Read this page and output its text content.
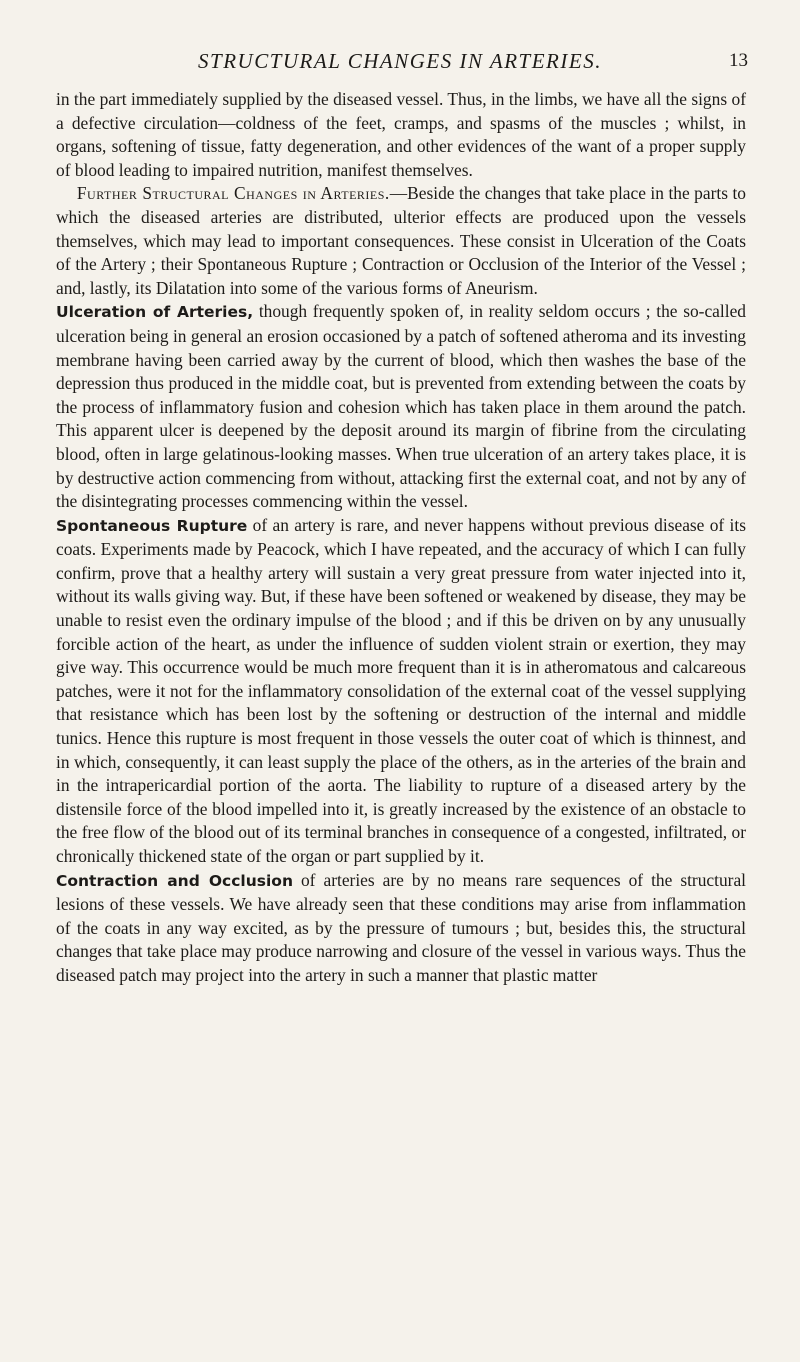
STRUCTURAL CHANGES IN ARTERIES.	13

in the part immediately supplied by the diseased vessel. Thus, in the limbs, we have all the signs of a defective circulation—coldness of the feet, cramps, and spasms of the muscles ; whilst, in organs, softening of tissue, fatty degeneration, and other evidences of the want of a proper supply of blood leading to impaired nutrition, manifest themselves.

Further Structural Changes in Arteries.—Beside the changes that take place in the parts to which the diseased arteries are distributed, ulterior effects are produced upon the vessels themselves, which may lead to important consequences. These consist in Ulceration of the Coats of the Artery ; their Spontaneous Rupture ; Contraction or Occlusion of the Interior of the Vessel ; and, lastly, its Dilatation into some of the various forms of Aneurism.

Ulceration of Arteries, though frequently spoken of, in reality seldom occurs ; the so-called ulceration being in general an erosion occasioned by a patch of softened atheroma and its investing membrane having been carried away by the current of blood, which then washes the base of the depression thus produced in the middle coat, but is prevented from extending between the coats by the process of inflammatory fusion and cohesion which has taken place in them around the patch. This apparent ulcer is deepened by the deposit around its margin of fibrine from the circulating blood, often in large gelatinous-looking masses. When true ulceration of an artery takes place, it is by destructive action commencing from without, attacking first the external coat, and not by any of the disintegrating processes commencing within the vessel.

Spontaneous Rupture of an artery is rare, and never happens without previous disease of its coats. Experiments made by Peacock, which I have repeated, and the accuracy of which I can fully confirm, prove that a healthy artery will sustain a very great pressure from water injected into it, without its walls giving way. But, if these have been softened or weakened by disease, they may be unable to resist even the ordinary impulse of the blood ; and if this be driven on by any unusually forcible action of the heart, as under the influence of sudden violent strain or exertion, they may give way. This occurrence would be much more frequent than it is in atheromatous and calcareous patches, were it not for the inflammatory consolidation of the external coat of the vessel supplying that resistance which has been lost by the softening or destruction of the internal and middle tunics. Hence this rupture is most frequent in those vessels the outer coat of which is thinnest, and in which, consequently, it can least supply the place of the others, as in the arteries of the brain and in the intrapericardial portion of the aorta. The liability to rupture of a diseased artery by the distensile force of the blood impelled into it, is greatly increased by the existence of an obstacle to the free flow of the blood out of its terminal branches in consequence of a congested, infiltrated, or chronically thickened state of the organ or part supplied by it.

Contraction and Occlusion of arteries are by no means rare sequences of the structural lesions of these vessels. We have already seen that these conditions may arise from inflammation of the coats in any way excited, as by the pressure of tumours ; but, besides this, the structural changes that take place may produce narrowing and closure of the vessel in various ways. Thus the diseased patch may project into the artery in such a manner that plastic matter
